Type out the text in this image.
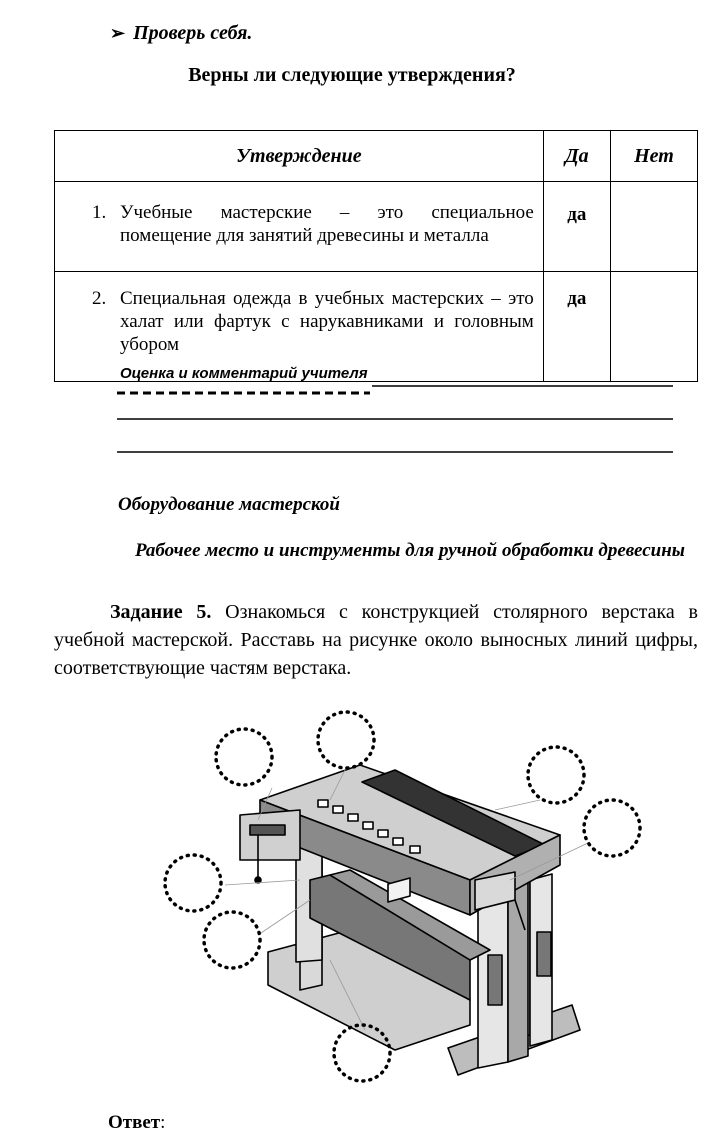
➢ Проверь себя.
Верны ли следующие утверждения?
Утверждение	Да	Нет

1. Учебные мастерские – это специальное помещение для занятий древесины и металла	да	

2. Специальная одежда в учебных мастерских – это халат или фартук с нарукавниками и головным убором	да	
Оценка и комментарий учителя
Оборудование мастерской
Рабочее место и инструменты для ручной обработки древесины
Задание 5. Ознакомься с конструкцией столярного верстака в учебной мастерской. Расставь на рисунке около выносных линий цифры, соответствующие частям верстака.
Ответ:
